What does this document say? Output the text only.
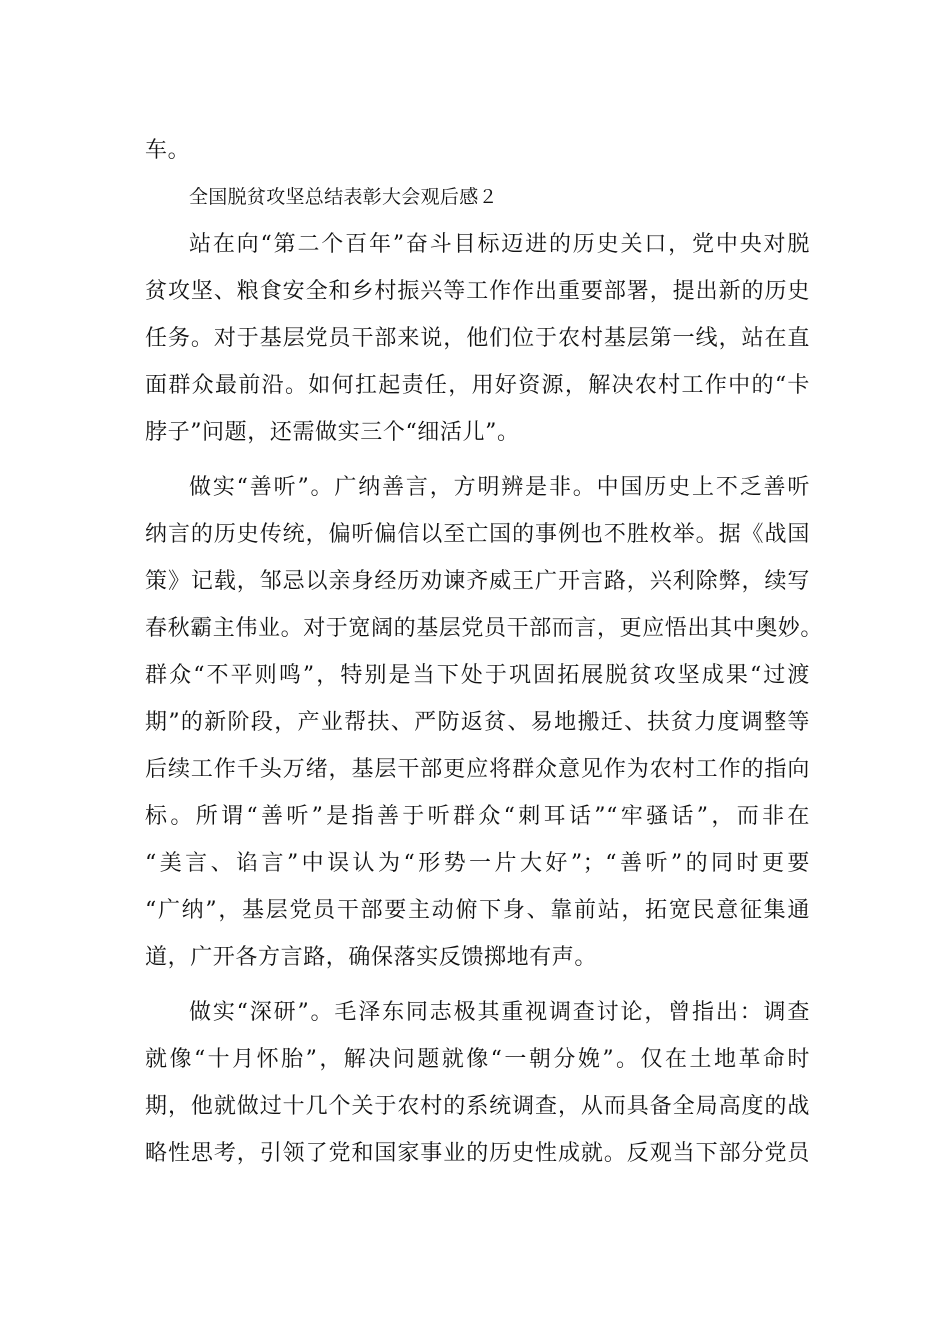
车。
全国脱贫攻坚总结表彰大会观后感２
站在向“第二个百年”奋斗目标迈进的历史关口，党中央对脱
贫攻坚、粮食安全和乡村振兴等工作作出重要部署，提出新的历史
任务。对于基层党员干部来说，他们位于农村基层第一线，站在直
面群众最前沿。如何扛起责任，用好资源，解决农村工作中的“卡
脖子”问题，还需做实三个“细活儿”。
做实“善听”。广纳善言，方明辨是非。中国历史上不乏善听
纳言的历史传统，偏听偏信以至亡国的事例也不胜枚举。据《战国
策》记载，邹忌以亲身经历劝谏齐威王广开言路，兴利除弊，续写
春秋霸主伟业。对于宽阔的基层党员干部而言，更应悟出其中奥妙。
群众“不平则鸣”，特别是当下处于巩固拓展脱贫攻坚成果“过渡
期”的新阶段，产业帮扶、严防返贫、易地搬迁、扶贫力度调整等
后续工作千头万绪，基层干部更应将群众意见作为农村工作的指向
标。所谓“善听”是指善于听群众“刺耳话”“牢骚话”，而非在
“美言、谄言”中误认为“形势一片大好”；“善听”的同时更要
“广纳”，基层党员干部要主动俯下身、靠前站，拓宽民意征集通
道，广开各方言路，确保落实反馈掷地有声。
做实“深研”。毛泽东同志极其重视调查讨论，曾指出：调查
就像“十月怀胎”，解决问题就像“一朝分娩”。仅在土地革命时
期，他就做过十几个关于农村的系统调查，从而具备全局高度的战
略性思考，引领了党和国家事业的历史性成就。反观当下部分党员
